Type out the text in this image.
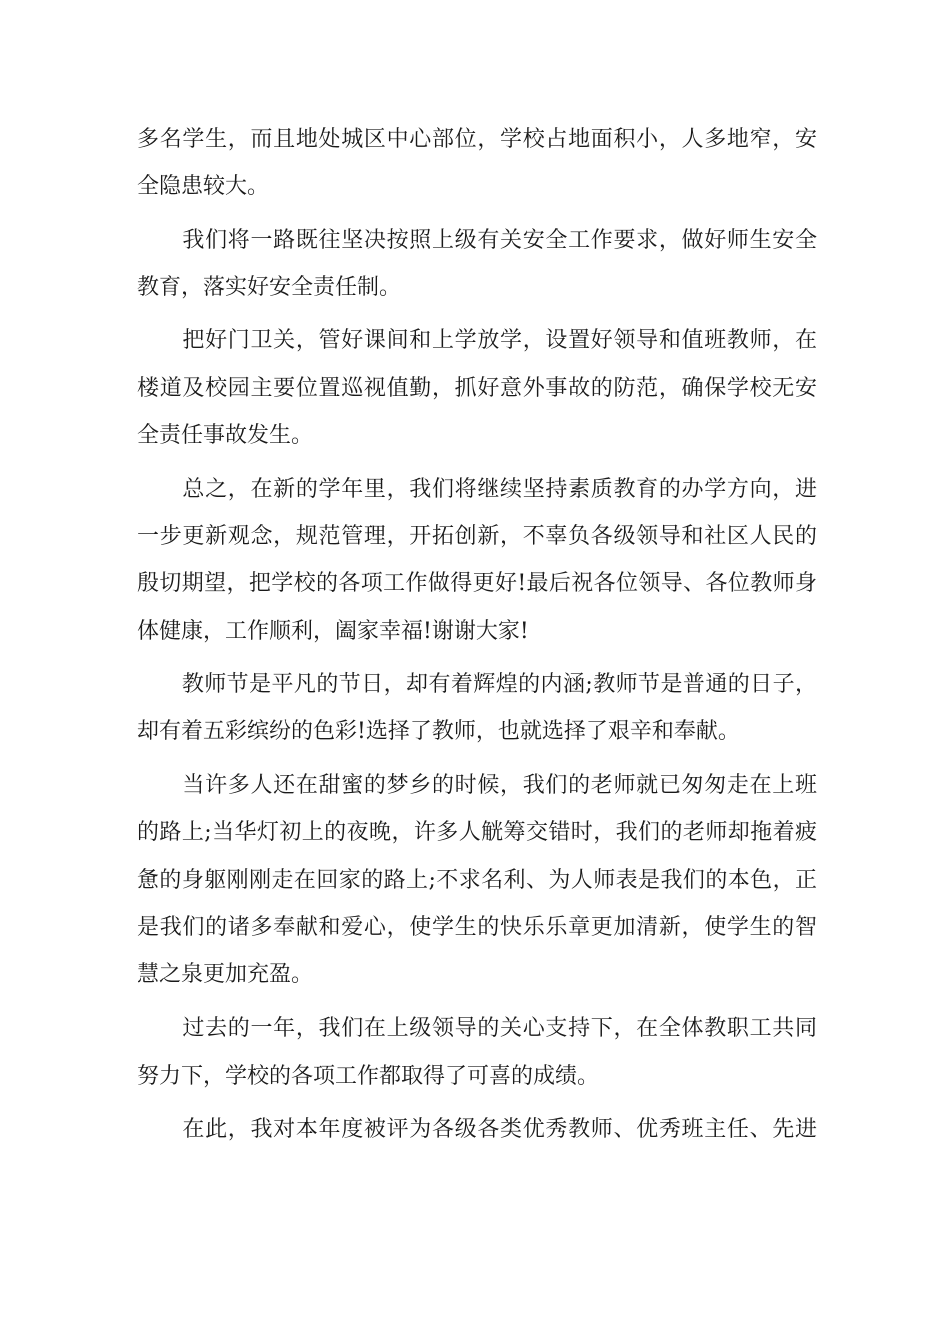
多名学生，而且地处城区中心部位，学校占地面积小，人多地窄，安
全隐患较大。
　　我们将一路既往坚决按照上级有关安全工作要求，做好师生安全
教育，落实好安全责任制。
　　把好门卫关，管好课间和上学放学，设置好领导和值班教师，在
楼道及校园主要位置巡视值勤，抓好意外事故的防范，确保学校无安
全责任事故发生。
　　总之，在新的学年里，我们将继续坚持素质教育的办学方向，进
一步更新观念，规范管理，开拓创新，不辜负各级领导和社区人民的
殷切期望，把学校的各项工作做得更好!最后祝各位领导、各位教师身
体健康，工作顺利，阖家幸福!谢谢大家!
　　教师节是平凡的节日，却有着辉煌的内涵;教师节是普通的日子，
却有着五彩缤纷的色彩!选择了教师，也就选择了艰辛和奉献。
　　当许多人还在甜蜜的梦乡的时候，我们的老师就已匆匆走在上班
的路上;当华灯初上的夜晚，许多人觥筹交错时，我们的老师却拖着疲
惫的身躯刚刚走在回家的路上;不求名利、为人师表是我们的本色，正
是我们的诸多奉献和爱心，使学生的快乐乐章更加清新，使学生的智
慧之泉更加充盈。
　　过去的一年，我们在上级领导的关心支持下，在全体教职工共同
努力下，学校的各项工作都取得了可喜的成绩。
　　在此，我对本年度被评为各级各类优秀教师、优秀班主任、先进
